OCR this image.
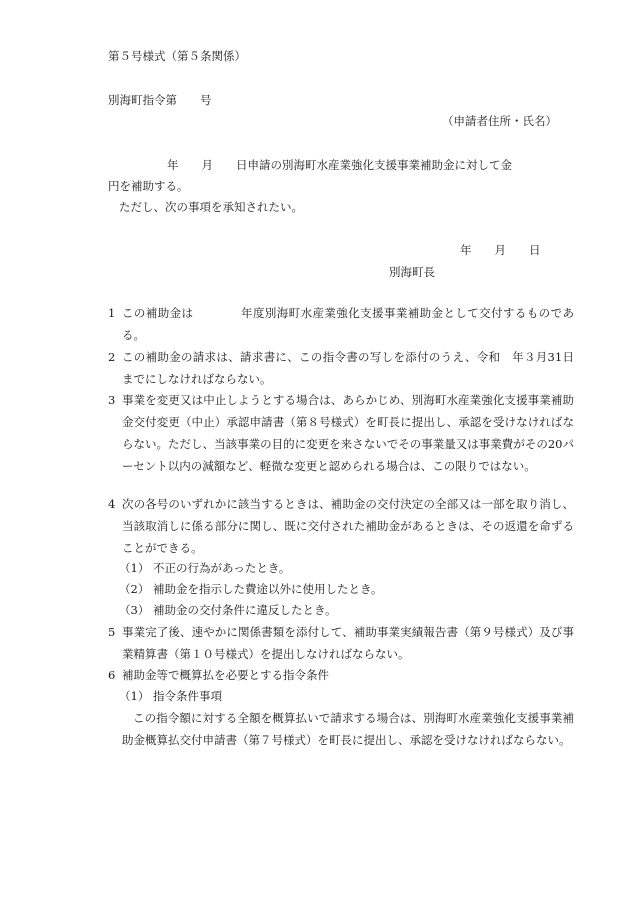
第５号様式（第５条関係）
別海町指令第　　号
（申請者住所・氏名）
年　　月　　日申請の別海町水産業強化支援事業補助金に対して金
円を補助する。
ただし、次の事項を承知されたい。
年　　月　　日
別海町長
1 この補助金は　　　　年度別海町水産業強化支援事業補助金として交付するものである。
2 この補助金の請求は、請求書に、この指令書の写しを添付のうえ、令和　年３月31日までにしなければならない。
3 事業を変更又は中止しようとする場合は、あらかじめ、別海町水産業強化支援事業補助金交付変更（中止）承認申請書（第８号様式）を町長に提出し、承認を受けなければならない。ただし、当該事業の目的に変更を来さないでその事業量又は事業費がその20パーセント以内の減額など、軽微な変更と認められる場合は、この限りではない。
4 次の各号のいずれかに該当するときは、補助金の交付決定の全部又は一部を取り消し、当該取消しに係る部分に関し、既に交付された補助金があるときは、その返還を命ずることができる。
（1） 不正の行為があったとき。
（2） 補助金を指示した費途以外に使用したとき。
（3） 補助金の交付条件に違反したとき。
5 事業完了後、速やかに関係書類を添付して、補助事業実績報告書（第９号様式）及び事業精算書（第１０号様式）を提出しなければならない。
6 補助金等で概算払を必要とする指令条件
（1） 指令条件事項
この指令額に対する全額を概算払いで請求する場合は、別海町水産業強化支援事業補助金概算払交付申請書（第７号様式）を町長に提出し、承認を受けなければならない。
